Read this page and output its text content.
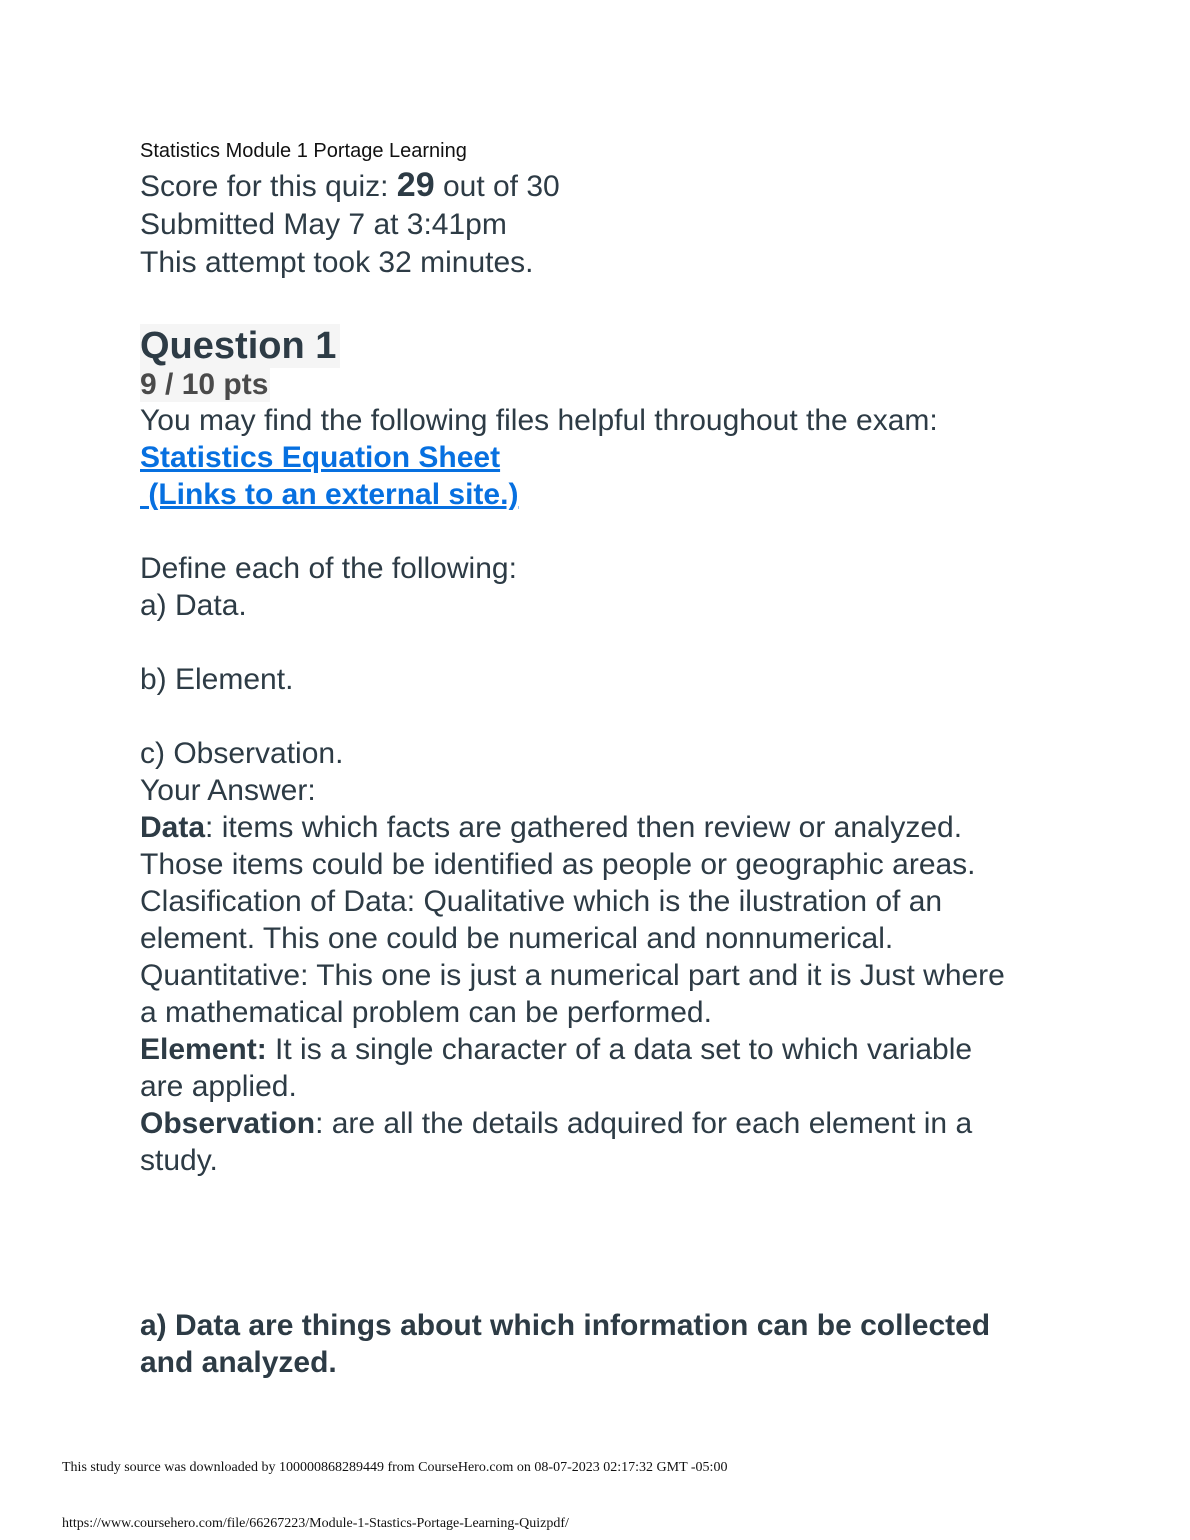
Statistics Module 1 Portage Learning

Score for this quiz: 29 out of 30

Submitted May 7 at 3:41pm

This attempt took 32 minutes.

Question 1
9 / 10 pts

You may find the following files helpful throughout the exam:

Statistics Equation Sheet
(Links to an external site.)

Define each of the following:

a) Data.

b) Element.

c) Observation.

Your Answer:

Data: items which facts are gathered then review or analyzed.

Those items could be identified as people or geographic areas.

Clasification of Data: Qualitative which is the ilustration of an

element. This one could be numerical and nonnumerical.

Quantitative: This one is just a numerical part and it is Just where

a mathematical problem can be performed.

Element: It is a single character of a data set to which variable

are applied.

Observation: are all the details adquired for each element in a

study.

a) Data are things about which information can be collected
and analyzed.
This study source was downloaded by 100000868289449 from CourseHero.com on 08-07-2023 02:17:32 GMT -05:00
https://www.coursehero.com/file/66267223/Module-1-Stastics-Portage-Learning-Quizpdf/
